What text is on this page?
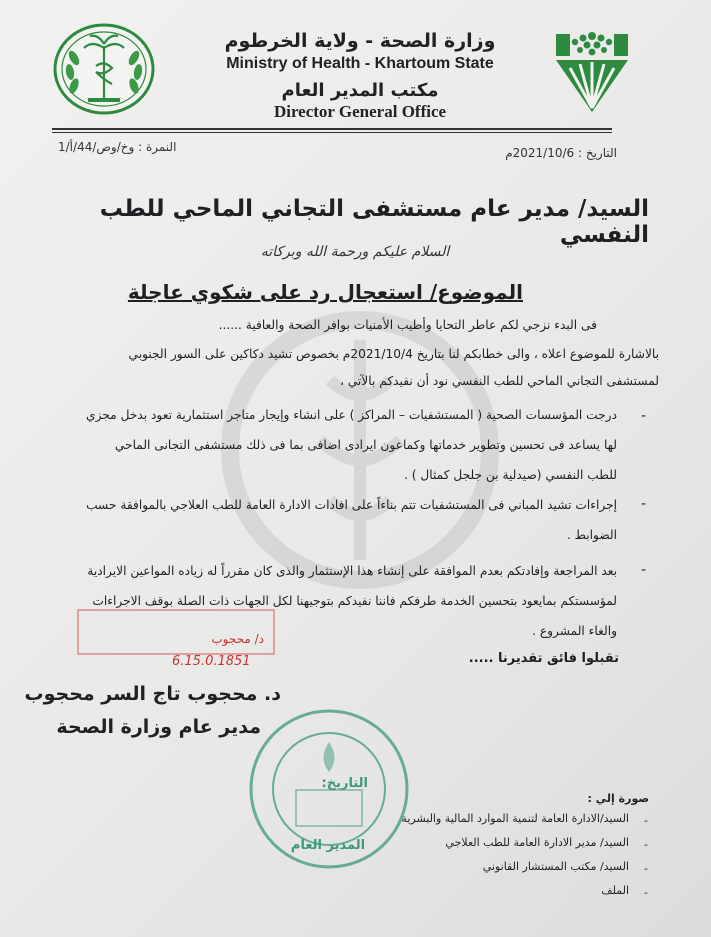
وزارة الصحة - ولاية الخرطوم
Ministry of Health - Khartoum State
مكتب المدير العام
Director General Office
التاريخ : 2021/10/6م
النمرة : وخ/وص/44/أ/1
السيد/ مدير عام مستشفى التجاني الماحي للطب النفسي
السلام عليكم ورحمة الله وبركاته
الموضوع/ استعجال رد على شكوي عاجلة
فى البدء نزجي لكم عاطر التحايا وأطيب الأمنيات بوافر الصحة والعافية ......
بالاشارة للموضوع اعلاه ، والى خطابكم لنا بتاريخ 2021/10/4م بخصوص تشيد دكاكين على السور الجنوبي
لمستشفى التجاني الماحي للطب النفسي نود أن نفيدكم بالآتي ،
-
درجت المؤسسات الصحية ( المستشفيات – المراكز ) على انشاء وإيجار متاجر استثمارية تعود بدخل مجزي
لها يساعد فى تحسين وتطوير خدماتها وكماعون ايرادى اضافى بما فى ذلك مستشفى التجانى الماحي
للطب النفسي (صيدلية بن جلجل كمثال ) .
-
إجراءات تشيد المباني فى المستشفيات تتم بناءاً على افادات الادارة العامة للطب العلاجي بالموافقة حسب
الضوابط .
-
بعد المراجعة وإفادتكم بعدم الموافقة على إنشاء هذا الإستثمار والذى كان مقرراً له زياده المواعين الايرادية
لمؤسستكم بمايعود بتحسين الخدمة طرفكم فاننا نفيدكم بتوجيهنا لكل الجهات ذات الصلة بوقف الاجراءات
والغاء المشروع .
د/ محجوب
6.15.0.1851	تقبلوا فائق تقديرنا .....
د. محجوب تاج السر محجوب
مدير عام وزارة الصحة
التاريخ:
المدير العام
صورة إلي :
-
السيد/الادارة العامة لتنمية الموارد المالية والبشرية
-
السيد/ مدير الادارة العامة للطب العلاجي
-
السيد/ مكتب المستشار القانوني
-
الملف
